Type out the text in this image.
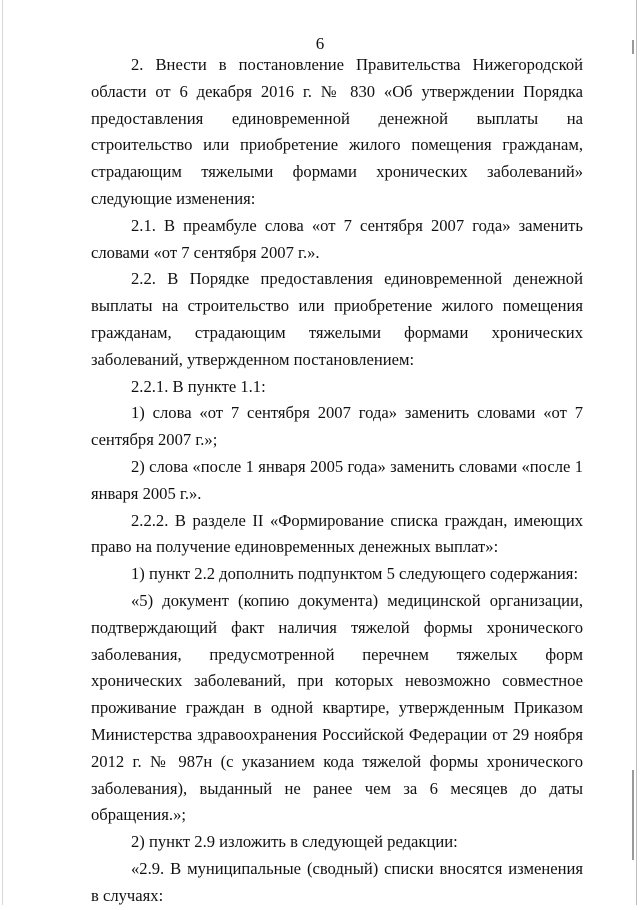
6

2. Внести в постановление Правительства Нижегородской области от 6 декабря 2016 г. № 830 «Об утверждении Порядка предоставления единовременной денежной выплаты на строительство или приобретение жилого помещения гражданам, страдающим тяжелыми формами хронических заболеваний» следующие изменения:

2.1. В преамбуле слова «от 7 сентября 2007 года» заменить словами «от 7 сентября 2007 г.».

2.2. В Порядке предоставления единовременной денежной выплаты на строительство или приобретение жилого помещения гражданам, страдающим тяжелыми формами хронических заболеваний, утвержденном постановлением:

2.2.1. В пункте 1.1:

1) слова «от 7 сентября 2007 года» заменить словами «от 7 сентября 2007 г.»;

2) слова «после 1 января 2005 года» заменить словами «после 1 января 2005 г.».

2.2.2. В разделе II «Формирование списка граждан, имеющих право на получение единовременных денежных выплат»:

1) пункт 2.2 дополнить подпунктом 5 следующего содержания:

«5) документ (копию документа) медицинской организации, подтверждающий факт наличия тяжелой формы хронического заболевания, предусмотренной перечнем тяжелых форм хронических заболеваний, при которых невозможно совместное проживание граждан в одной квартире, утвержденным Приказом Министерства здравоохранения Российской Федерации от 29 ноября 2012 г. № 987н (с указанием кода тяжелой формы хронического заболевания), выданный не ранее чем за 6 месяцев до даты обращения.»;

2) пункт 2.9 изложить в следующей редакции:

«2.9. В муниципальные (сводный) списки вносятся изменения в случаях:
